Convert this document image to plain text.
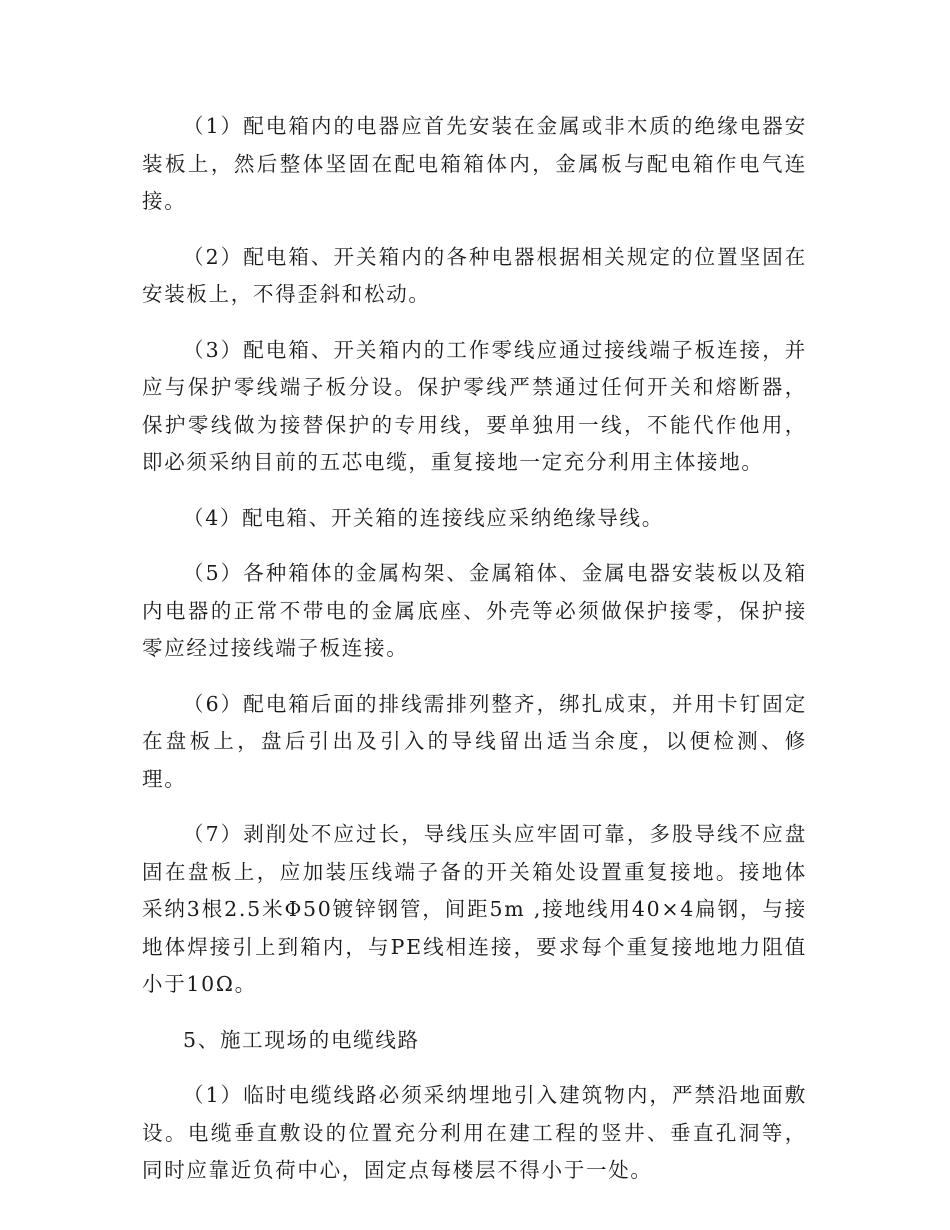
（1）配电箱内的电器应首先安装在金属或非木质的绝缘电器安装板上，然后整体坚固在配电箱箱体内，金属板与配电箱作电气连接。

（2）配电箱、开关箱内的各种电器根据相关规定的位置坚固在安装板上，不得歪斜和松动。

（3）配电箱、开关箱内的工作零线应通过接线端子板连接，并应与保护零线端子板分设。保护零线严禁通过任何开关和熔断器，保护零线做为接替保护的专用线，要单独用一线，不能代作他用，即必须采纳目前的五芯电缆，重复接地一定充分利用主体接地。

（4）配电箱、开关箱的连接线应采纳绝缘导线。

（5）各种箱体的金属构架、金属箱体、金属电器安装板以及箱内电器的正常不带电的金属底座、外壳等必须做保护接零，保护接零应经过接线端子板连接。

（6）配电箱后面的排线需排列整齐，绑扎成束，并用卡钉固定在盘板上，盘后引出及引入的导线留出适当余度，以便检测、修理。

（7）剥削处不应过长，导线压头应牢固可靠，多股导线不应盘固在盘板上，应加装压线端子备的开关箱处设置重复接地。接地体采纳3根2.5米Φ50镀锌钢管，间距5m ,接地线用40×4扁钢，与接地体焊接引上到箱内，与PE线相连接，要求每个重复接地地力阻值小于10Ω。

5、施工现场的电缆线路

（1）临时电缆线路必须采纳埋地引入建筑物内，严禁沿地面敷设。电缆垂直敷设的位置充分利用在建工程的竖井、垂直孔洞等，同时应靠近负荷中心，固定点每楼层不得小于一处。
